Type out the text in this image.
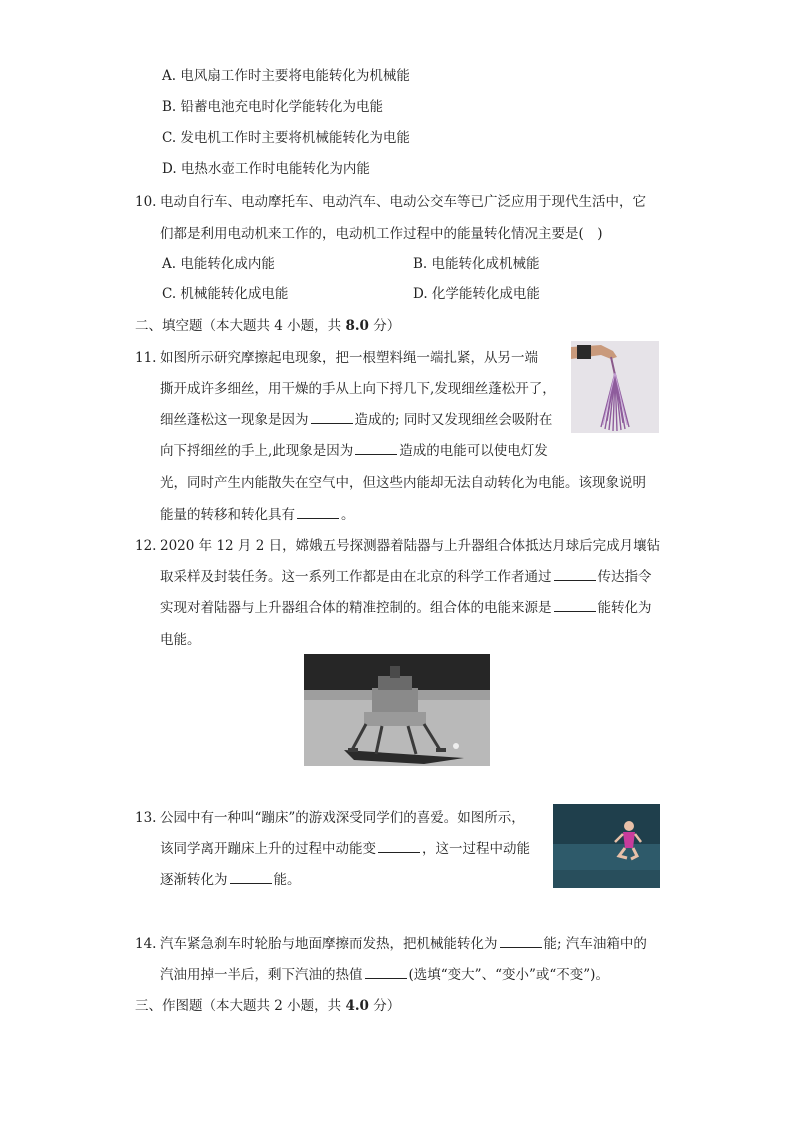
A. 电风扇工作时主要将电能转化为机械能
B. 铅蓄电池充电时化学能转化为电能
C. 发电机工作时主要将机械能转化为电能
D. 电热水壶工作时电能转化为内能
10. 电动自行车、电动摩托车、电动汽车、电动公交车等已广泛应用于现代生活中，它
们都是利用电动机来工作的，电动机工作过程中的能量转化情况主要是(　)
A. 电能转化成内能	B. 电能转化成机械能
C. 机械能转化成电能	D. 化学能转化成电能
二、填空题（本大题共 4 小题，共 8.0 分）
11. 如图所示研究摩擦起电现象，把一根塑料绳一端扎紧，从另一端
撕开成许多细丝，用干燥的手从上向下捋几下,发现细丝蓬松开了，
细丝蓬松这一现象是因为	造成的; 同时又发现细丝会吸附在
向下捋细丝的手上,此现象是因为	造成的电能可以使电灯发
光，同时产生内能散失在空气中，但这些内能却无法自动转化为电能。该现象说明
能量的转移和转化具有	。
12. 2020 年 12 月 2 日，嫦娥五号探测器着陆器与上升器组合体抵达月球后完成月壤钻
取采样及封装任务。这一系列工作都是由在北京的科学工作者通过	传达指令
实现对着陆器与上升器组合体的精准控制的。组合体的电能来源是	能转化为
电能。
13. 公园中有一种叫“蹦床”的游戏深受同学们的喜爱。如图所示，
该同学离开蹦床上升的过程中动能变	，这一过程中动能
逐渐转化为	能。
14. 汽车紧急刹车时轮胎与地面摩擦而发热，把机械能转化为	能; 汽车油箱中的
汽油用掉一半后，剩下汽油的热值	(选填“变大”、“变小”或“不变”)。
三、作图题（本大题共 2 小题，共 4.0 分）
